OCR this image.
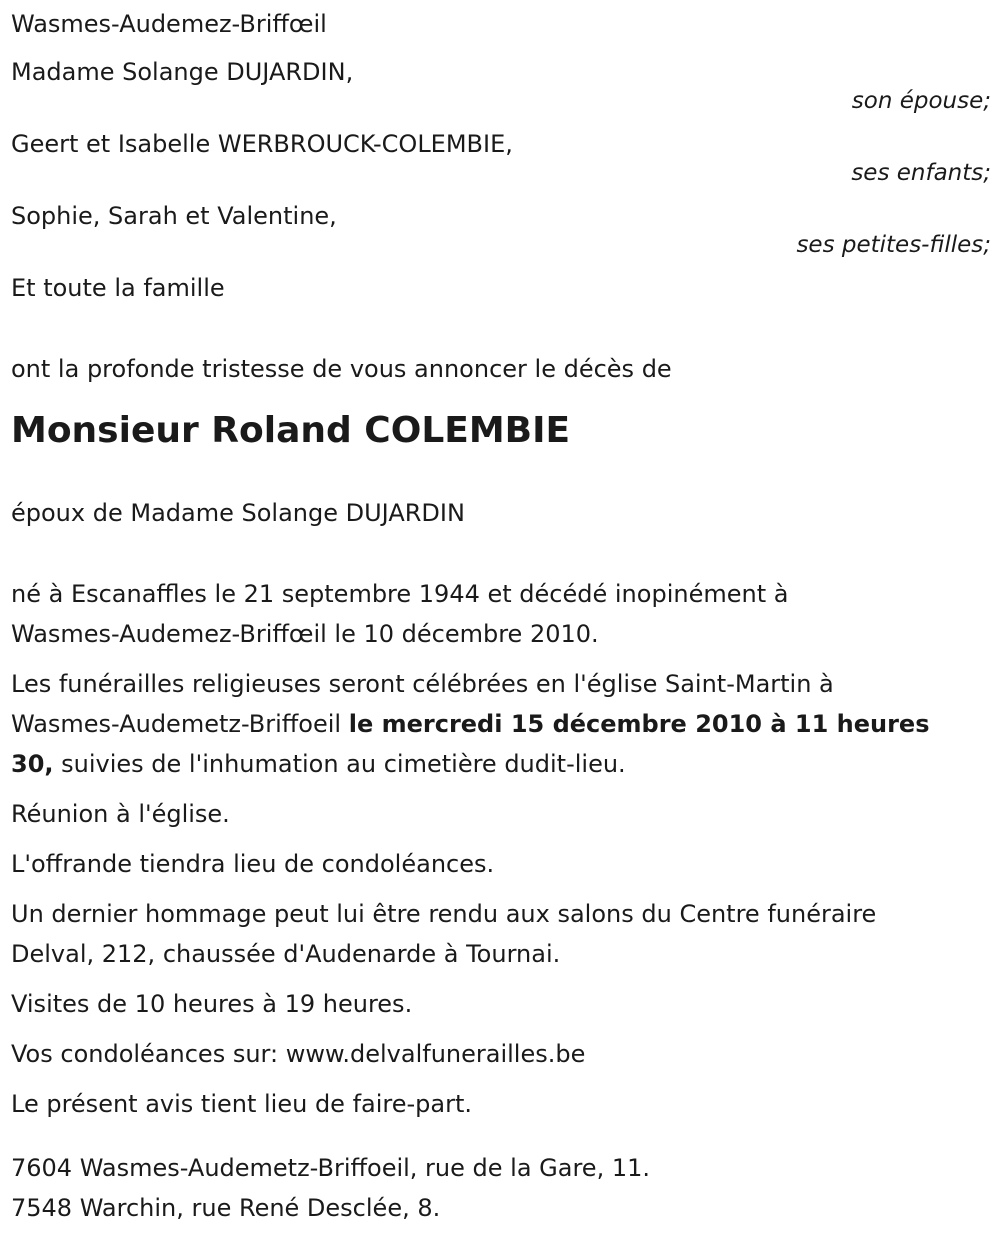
Wasmes-Audemez-Briffœil
Madame Solange DUJARDIN,
son épouse;
Geert et Isabelle WERBROUCK-COLEMBIE,
ses enfants;
Sophie, Sarah et Valentine,
ses petites-filles;
Et toute la famille
ont la profonde tristesse de vous annoncer le décès de
Monsieur Roland COLEMBIE
époux de Madame Solange DUJARDIN
né à Escanaffles le 21 septembre 1944 et décédé inopinément à
Wasmes-Audemez-Briffœil le 10 décembre 2010.
Les funérailles religieuses seront célébrées en l'église Saint-Martin à
Wasmes-Audemetz-Briffoeil le mercredi 15 décembre 2010 à 11 heures
30, suivies de l'inhumation au cimetière dudit-lieu.
Réunion à l'église.
L'offrande tiendra lieu de condoléances.
Un dernier hommage peut lui être rendu aux salons du Centre funéraire
Delval, 212, chaussée d'Audenarde à Tournai.
Visites de 10 heures à 19 heures.
Vos condoléances sur: www.delvalfunerailles.be
Le présent avis tient lieu de faire-part.
7604 Wasmes-Audemetz-Briffoeil, rue de la Gare, 11.
7548 Warchin, rue René Desclée, 8.
